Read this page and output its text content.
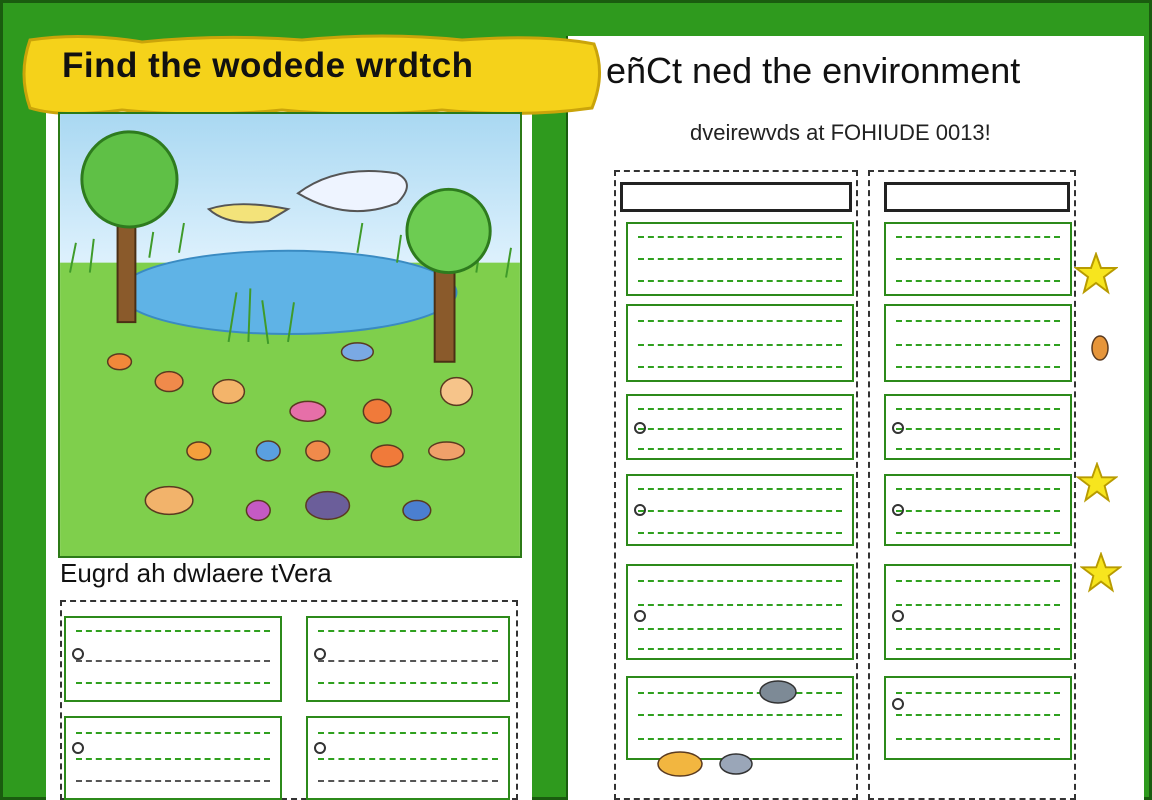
Find the wodede wrdtch	eñCt ned the environment
dveirewvds at FOHIUDE 0013!
Eugrd ah dwlaere tVera
